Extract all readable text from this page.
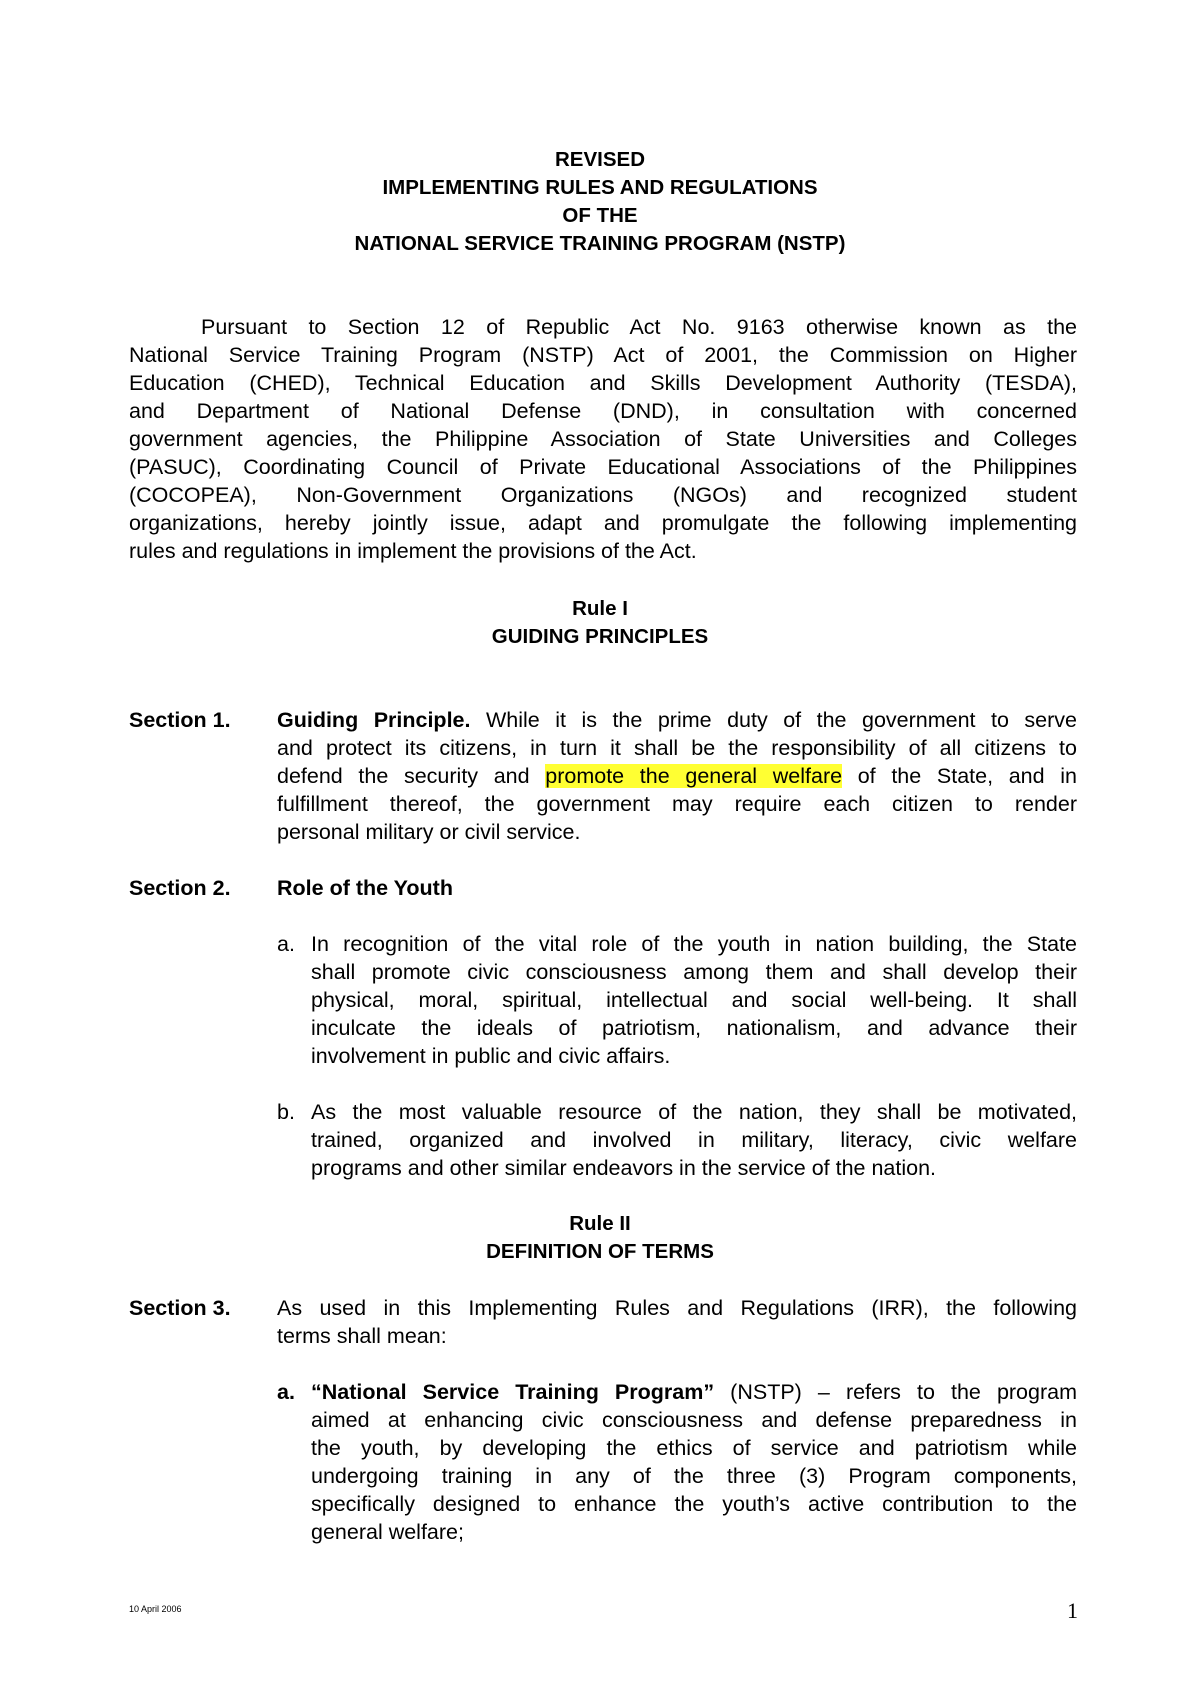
REVISED
IMPLEMENTING RULES AND REGULATIONS
OF THE
NATIONAL SERVICE TRAINING PROGRAM (NSTP)
Pursuant to Section 12 of Republic Act No. 9163 otherwise known as the
National Service Training Program (NSTP) Act of 2001, the Commission on Higher
Education (CHED), Technical Education and Skills Development Authority (TESDA),
and Department of National Defense (DND), in consultation with concerned
government agencies, the Philippine Association of State Universities and Colleges
(PASUC), Coordinating Council of Private Educational Associations of the Philippines
(COCOPEA), Non-Government Organizations (NGOs) and recognized student
organizations, hereby jointly issue, adapt and promulgate the following implementing
rules and regulations in implement the provisions of the Act.
Rule I
GUIDING PRINCIPLES
Section 1. Guiding Principle. While it is the prime duty of the government to serve
and protect its citizens, in turn it shall be the responsibility of all citizens to
defend the security and promote the general welfare of the State, and in
fulfillment thereof, the government may require each citizen to render
personal military or civil service.
Section 2. Role of the Youth
a. In recognition of the vital role of the youth in nation building, the State
shall promote civic consciousness among them and shall develop their
physical, moral, spiritual, intellectual and social well-being. It shall
inculcate the ideals of patriotism, nationalism, and advance their
involvement in public and civic affairs.
b. As the most valuable resource of the nation, they shall be motivated,
trained, organized and involved in military, literacy, civic welfare
programs and other similar endeavors in the service of the nation.
Rule II
DEFINITION OF TERMS
Section 3. As used in this Implementing Rules and Regulations (IRR), the following
terms shall mean:
a. “National Service Training Program” (NSTP) – refers to the program
aimed at enhancing civic consciousness and defense preparedness in
the youth, by developing the ethics of service and patriotism while
undergoing training in any of the three (3) Program components,
specifically designed to enhance the youth’s active contribution to the
general welfare;
10 April 2006	1
